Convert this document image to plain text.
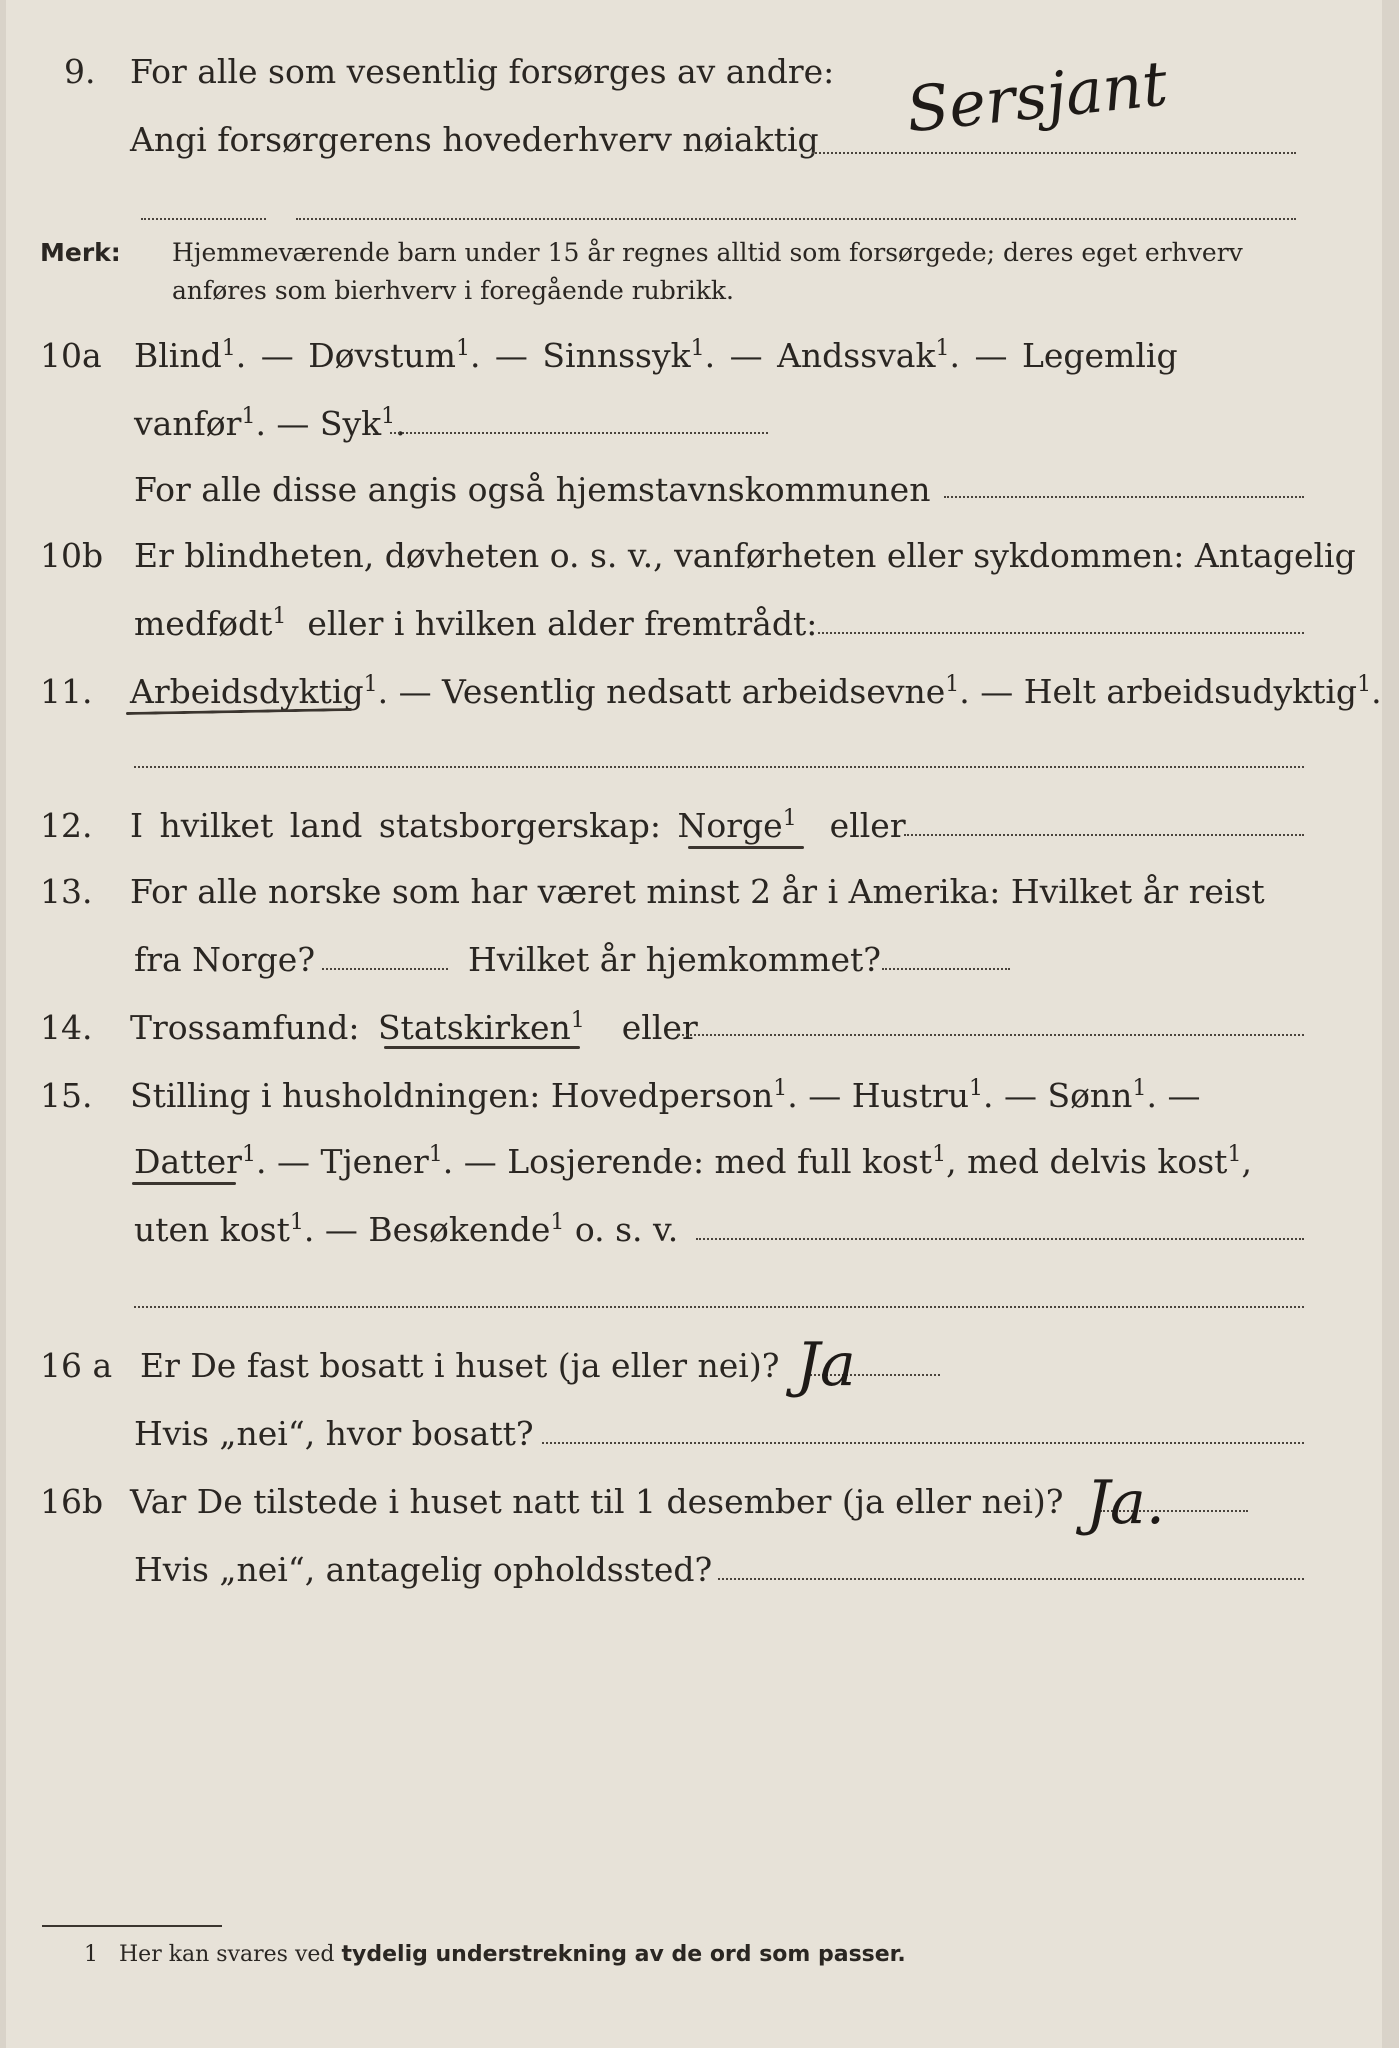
9. For alle som vesentlig forsørges av andre:
Angi forsørgerens hovederhverv nøiaktig Sersjant
Merk: Hjemmeværende barn under 15 år regnes alltid som forsørgede; deres eget erhverv
anføres som bierhverv i foregående rubrikk.
10a Blind$^1$. — Døvstum$^1$. — Sinnssyk$^1$. — Andssvak$^1$. — Legemlig
vanfør$^1$. — Syk$^1$.
For alle disse angis også hjemstavnskommunen
10b Er blindheten, døvheten o. s. v., vanførheten eller sykdommen: Antagelig
medfødt$^1$ eller i hvilken alder fremtrådt:
11. Arbeidsdyktig$^1$. — Vesentlig nedsatt arbeidsevne$^1$. — Helt arbeidsudyktig$^1$.
12. I hvilket land statsborgerskap: Norge$^1$ eller
13. For alle norske som har været minst 2 år i Amerika: Hvilket år reist
fra Norge?	Hvilket år hjemkommet?
14. Trossamfund: Statskirken$^1$ eller
15. Stilling i husholdningen: Hovedperson$^1$. — Hustru$^1$. — Sønn$^1$. —
Datter$^1$. — Tjener$^1$. — Losjerende: med full kost$^1$, med delvis kost$^1$,
uten kost$^1$. — Besøkende$^1$ o. s. v.
16 a Er De fast bosatt i huset (ja eller nei)? Ja
Hvis „nei“, hvor bosatt?
16b Var De tilstede i huset natt til 1 desember (ja eller nei)? Ja.
Hvis „nei“, antagelig opholdssted?
1 Her kan svares ved tydelig understrekning av de ord som passer.
